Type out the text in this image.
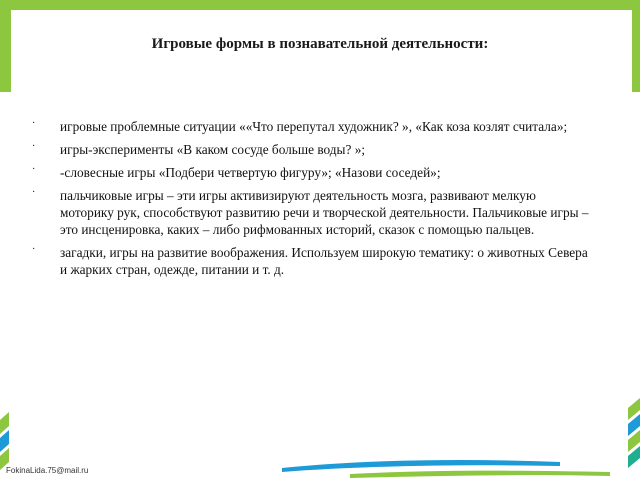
Игровые формы в познавательной деятельности:
· игровые проблемные ситуации ««Что перепутал художник? », «Как коза козлят считала»;
· игры-эксперименты «В каком сосуде больше воды? »;
· -словесные игры «Подбери четвертую фигуру»; «Назови соседей»;
· пальчиковые игры – эти игры активизируют деятельность мозга, развивают мелкую моторику рук, способствуют развитию речи и творческой деятельности. Пальчиковые игры – это инсценировка, каких – либо рифмованных историй, сказок с помощью пальцев.
· загадки, игры на развитие воображения. Используем широкую тематику: о животных Севера и жарких стран, одежде, питании и т. д.
FokinaLida.75@mail.ru
